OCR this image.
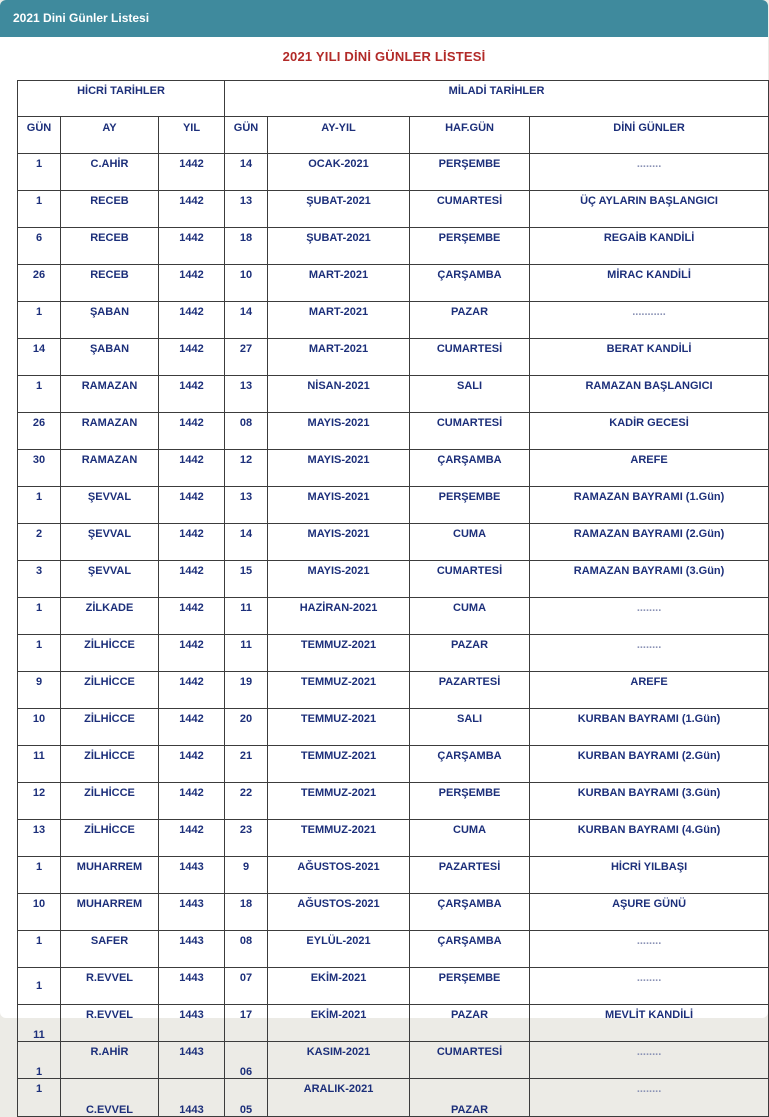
2021 Dini Günler Listesi
2021 YILI DİNİ GÜNLER LİSTESİ
HİCRİ TARİHLER			MİLADİ TARİHLER			
GÜN	AY	YIL	GÜN	AY-YIL	HAF.GÜN	DİNİ GÜNLER
1	C.AHİR	1442	14	OCAK-2021	PERŞEMBE	........
1	RECEB	1442	13	ŞUBAT-2021	CUMARTESİ	ÜÇ AYLARIN BAŞLANGICI
6	RECEB	1442	18	ŞUBAT-2021	PERŞEMBE	REGAİB KANDİLİ
26	RECEB	1442	10	MART-2021	ÇARŞAMBA	MİRAC KANDİLİ
1	ŞABAN	1442	14	MART-2021	PAZAR	...........
14	ŞABAN	1442	27	MART-2021	CUMARTESİ	BERAT KANDİLİ
1	RAMAZAN	1442	13	NİSAN-2021	SALI	RAMAZAN BAŞLANGICI
26	RAMAZAN	1442	08	MAYIS-2021	CUMARTESİ	KADİR GECESİ
30	RAMAZAN	1442	12	MAYIS-2021	ÇARŞAMBA	AREFE
1	ŞEVVAL	1442	13	MAYIS-2021	PERŞEMBE	RAMAZAN BAYRAMI (1.Gün)
2	ŞEVVAL	1442	14	MAYIS-2021	CUMA	RAMAZAN BAYRAMI (2.Gün)
3	ŞEVVAL	1442	15	MAYIS-2021	CUMARTESİ	RAMAZAN BAYRAMI (3.Gün)
1	ZİLKADE	1442	11	HAZİRAN-2021	CUMA	........
1	ZİLHİCCE	1442	11	TEMMUZ-2021	PAZAR	........
9	ZİLHİCCE	1442	19	TEMMUZ-2021	PAZARTESİ	AREFE
10	ZİLHİCCE	1442	20	TEMMUZ-2021	SALI	KURBAN BAYRAMI (1.Gün)
11	ZİLHİCCE	1442	21	TEMMUZ-2021	ÇARŞAMBA	KURBAN BAYRAMI (2.Gün)
12	ZİLHİCCE	1442	22	TEMMUZ-2021	PERŞEMBE	KURBAN BAYRAMI (3.Gün)
13	ZİLHİCCE	1442	23	TEMMUZ-2021	CUMA	KURBAN BAYRAMI (4.Gün)
1	MUHARREM	1443	9	AĞUSTOS-2021	PAZARTESİ	HİCRİ YILBAŞI
10	MUHARREM	1443	18	AĞUSTOS-2021	ÇARŞAMBA	AŞURE GÜNÜ
1	SAFER	1443	08	EYLÜL-2021	ÇARŞAMBA	........
1	R.EVVEL	1443	07	EKİM-2021	PERŞEMBE	........
11	R.EVVEL	1443	17	EKİM-2021	PAZAR	MEVLİT KANDİLİ
1	R.AHİR	1443	06	KASIM-2021	CUMARTESİ	........
1	C.EVVEL	1443	05	ARALIK-2021	PAZAR	........
